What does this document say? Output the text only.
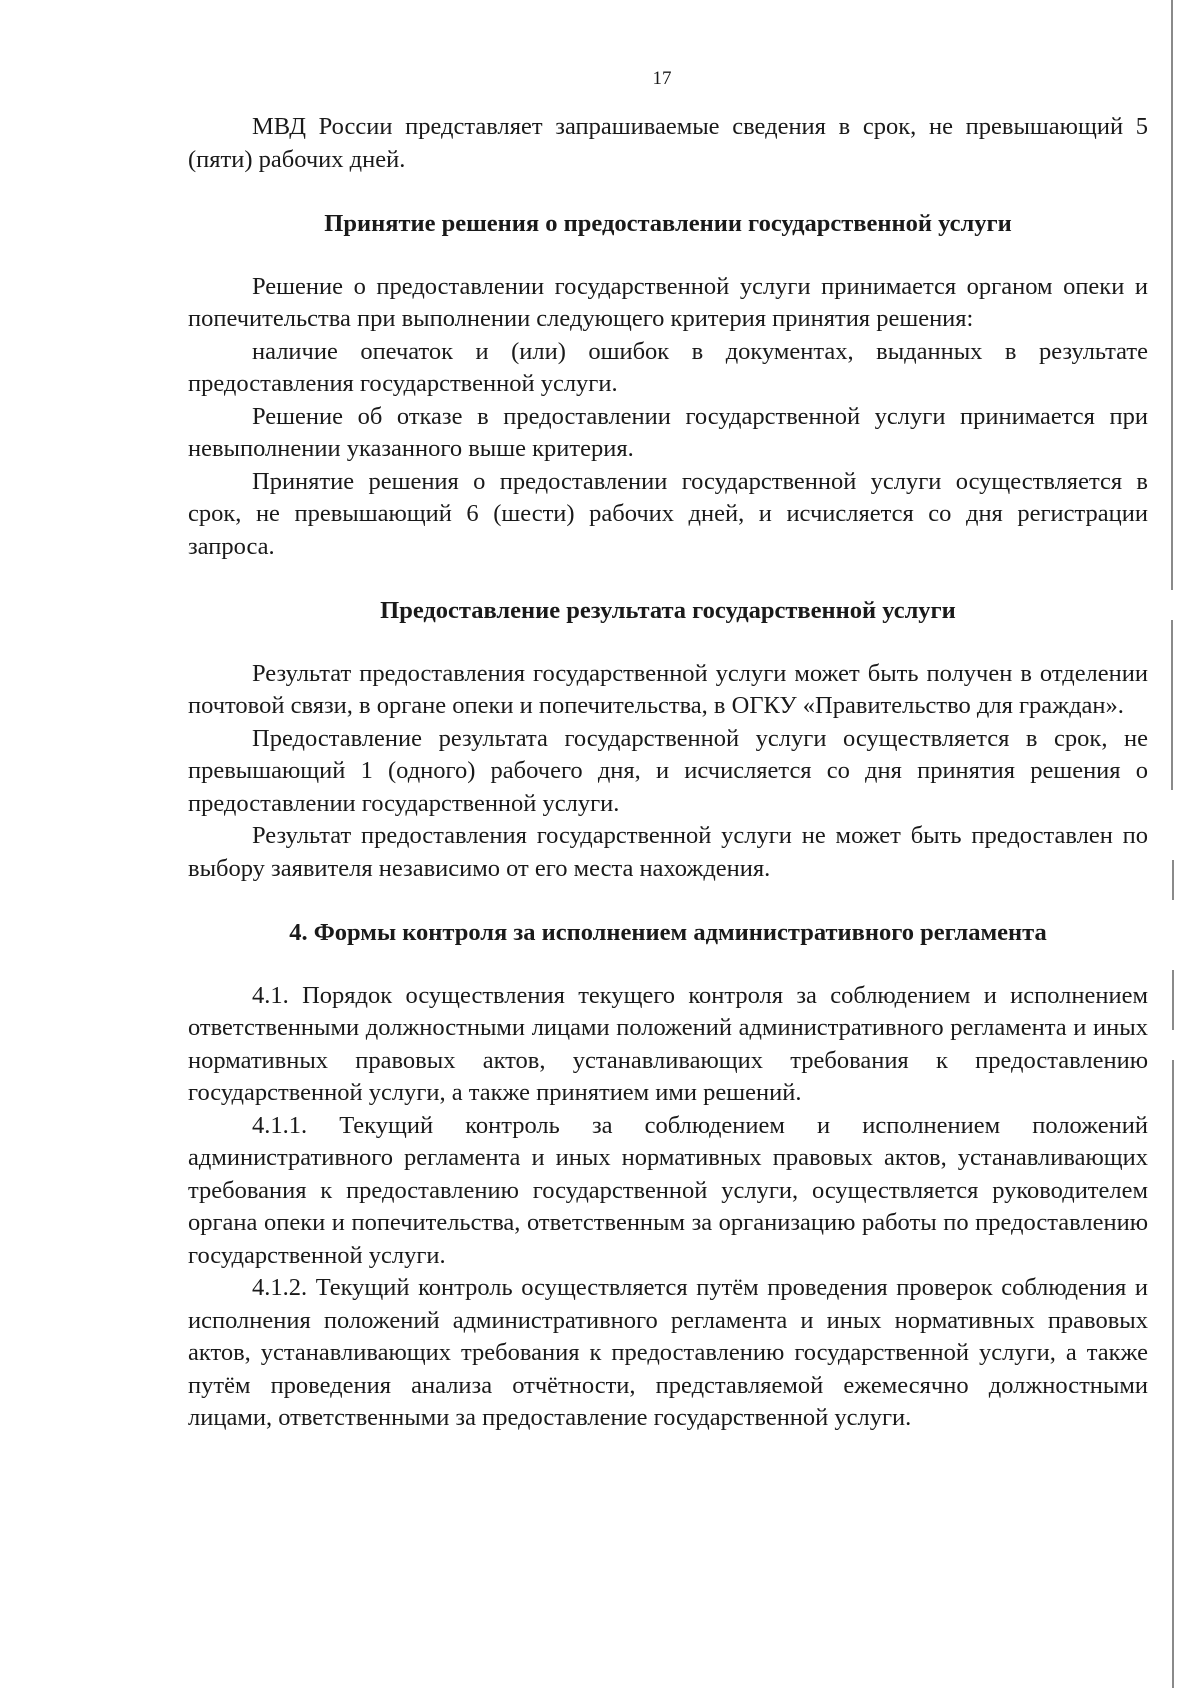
17

МВД России представляет запрашиваемые сведения в срок, не превышающий 5 (пяти) рабочих дней.

Принятие решения о предоставлении государственной услуги

Решение о предоставлении государственной услуги принимается органом опеки и попечительства при выполнении следующего критерия принятия решения:

наличие опечаток и (или) ошибок в документах, выданных в результате предоставления государственной услуги.

Решение об отказе в предоставлении государственной услуги принимается при невыполнении указанного выше критерия.

Принятие решения о предоставлении государственной услуги осуществляется в срок, не превышающий 6 (шести) рабочих дней, и исчисляется со дня регистрации запроса.

Предоставление результата государственной услуги

Результат предоставления государственной услуги может быть получен в отделении почтовой связи, в органе опеки и попечительства, в ОГКУ «Правительство для граждан».

Предоставление результата государственной услуги осуществляется в срок, не превышающий 1 (одного) рабочего дня, и исчисляется со дня принятия решения о предоставлении государственной услуги.

Результат предоставления государственной услуги не может быть предоставлен по выбору заявителя независимо от его места нахождения.

4. Формы контроля за исполнением административного регламента

4.1. Порядок осуществления текущего контроля за соблюдением и исполнением ответственными должностными лицами положений административного регламента и иных нормативных правовых актов, устанавливающих требования к предоставлению государственной услуги, а также принятием ими решений.

4.1.1. Текущий контроль за соблюдением и исполнением положений административного регламента и иных нормативных правовых актов, устанавливающих требования к предоставлению государственной услуги, осуществляется руководителем органа опеки и попечительства, ответственным за организацию работы по предоставлению государственной услуги.

4.1.2. Текущий контроль осуществляется путём проведения проверок соблюдения и исполнения положений административного регламента и иных нормативных правовых актов, устанавливающих требования к предоставлению государственной услуги, а также путём проведения анализа отчётности, представляемой ежемесячно должностными лицами, ответственными за предоставление государственной услуги.
